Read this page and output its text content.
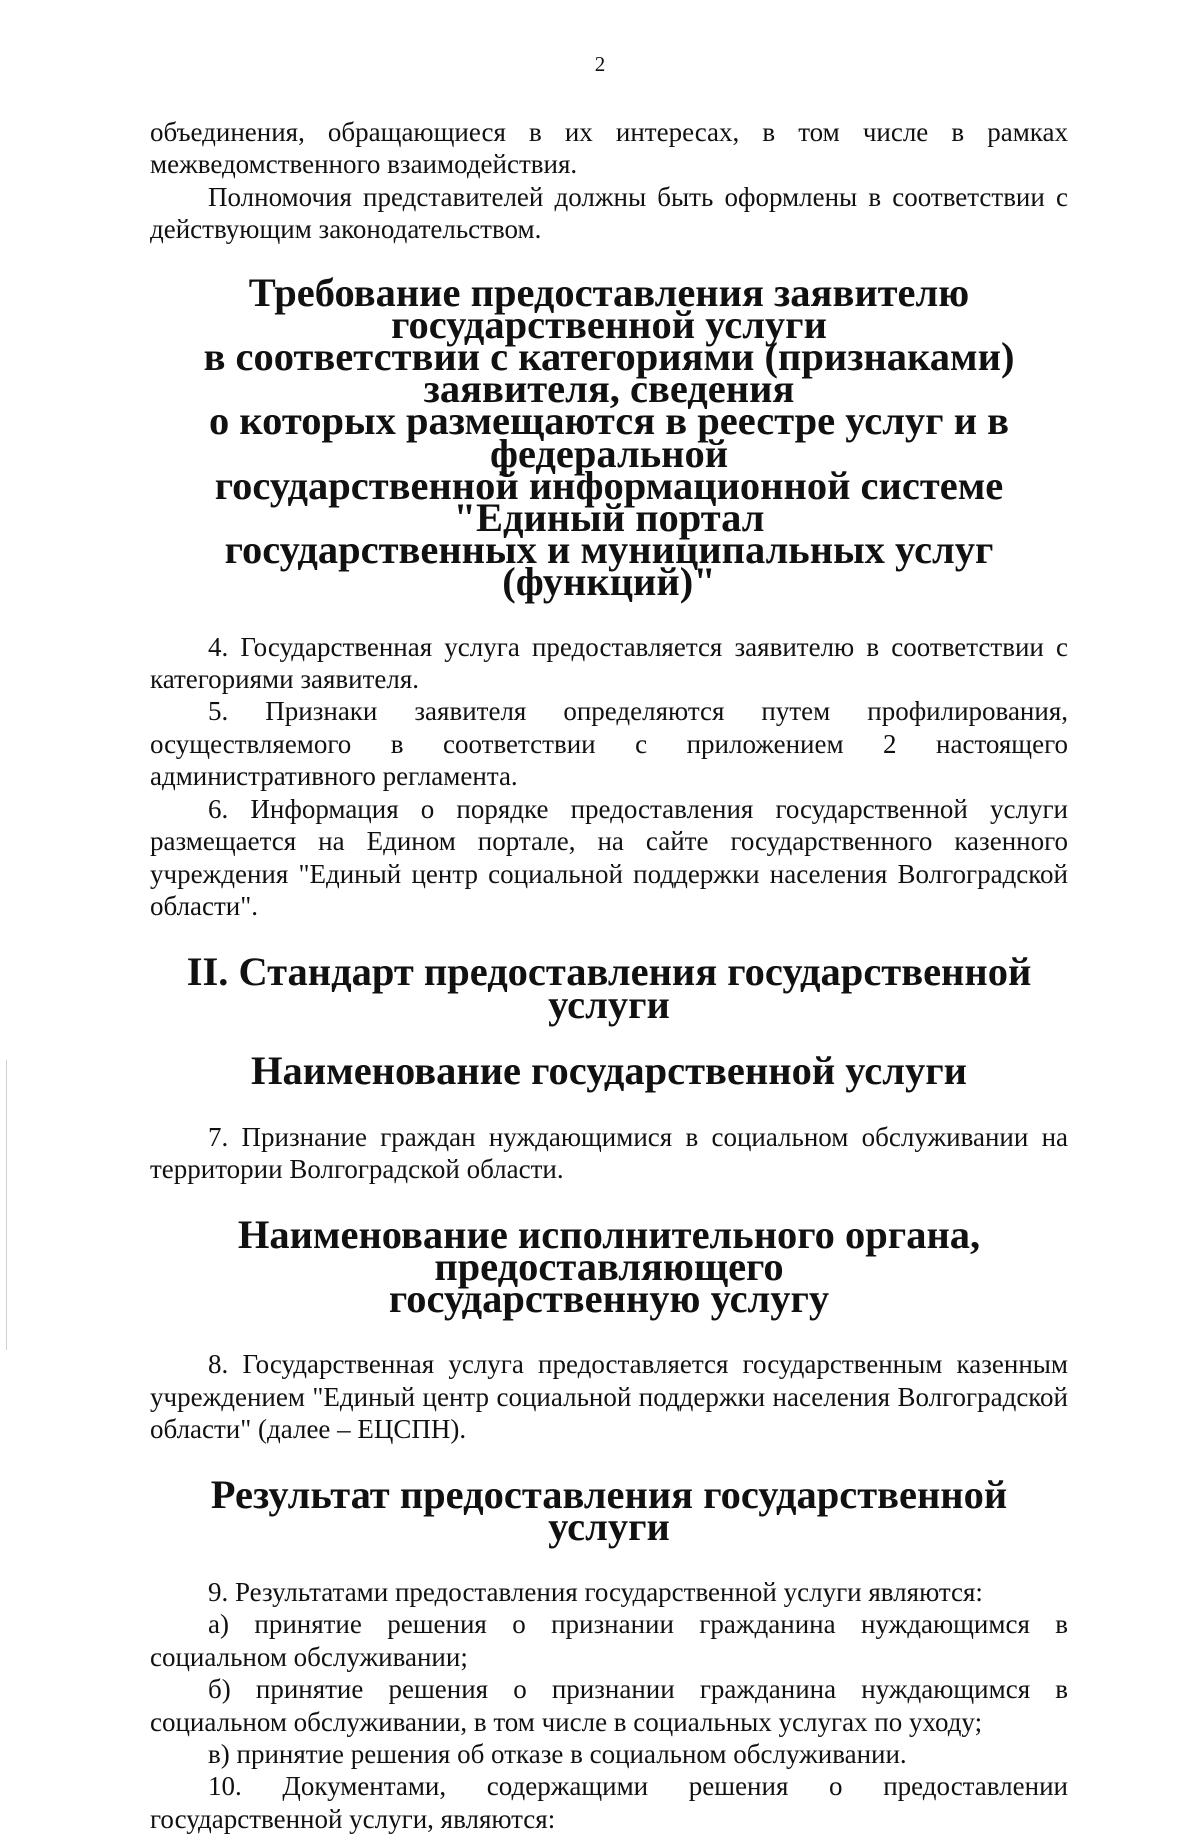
2

объединения, обращающиеся в их интересах, в том числе в рамках межведомственного взаимодействия.

Полномочия представителей должны быть оформлены в соответствии с действующим законодательством.

Требование предоставления заявителю государственной услуги
в соответствии с категориями (признаками) заявителя, сведения
о которых размещаются в реестре услуг и в федеральной
государственной информационной системе "Единый портал
государственных и муниципальных услуг (функций)"

4. Государственная услуга предоставляется заявителю в соответствии с категориями заявителя.

5. Признаки заявителя определяются путем профилирования, осуществляемого в соответствии с приложением 2 настоящего административного регламента.

6. Информация о порядке предоставления государственной услуги размещается на Едином портале, на сайте государственного казенного учреждения "Единый центр социальной поддержки населения Волгоградской области".

II. Стандарт предоставления государственной услуги
Наименование государственной услуги

7. Признание граждан нуждающимися в социальном обслуживании на территории Волгоградской области.

Наименование исполнительного органа, предоставляющего
государственную услугу

8. Государственная услуга предоставляется государственным казенным учреждением "Единый центр социальной поддержки населения Волгоградской области" (далее – ЕЦСПН).

Результат предоставления государственной услуги

9. Результатами предоставления государственной услуги являются:

а) принятие решения о признании гражданина нуждающимся в социальном обслуживании;

б) принятие решения о признании гражданина нуждающимся в социальном обслуживании, в том числе в социальных услугах по уходу;

в) принятие решения об отказе в социальном обслуживании.

10. Документами, содержащими решения о предоставлении государственной услуги, являются:
